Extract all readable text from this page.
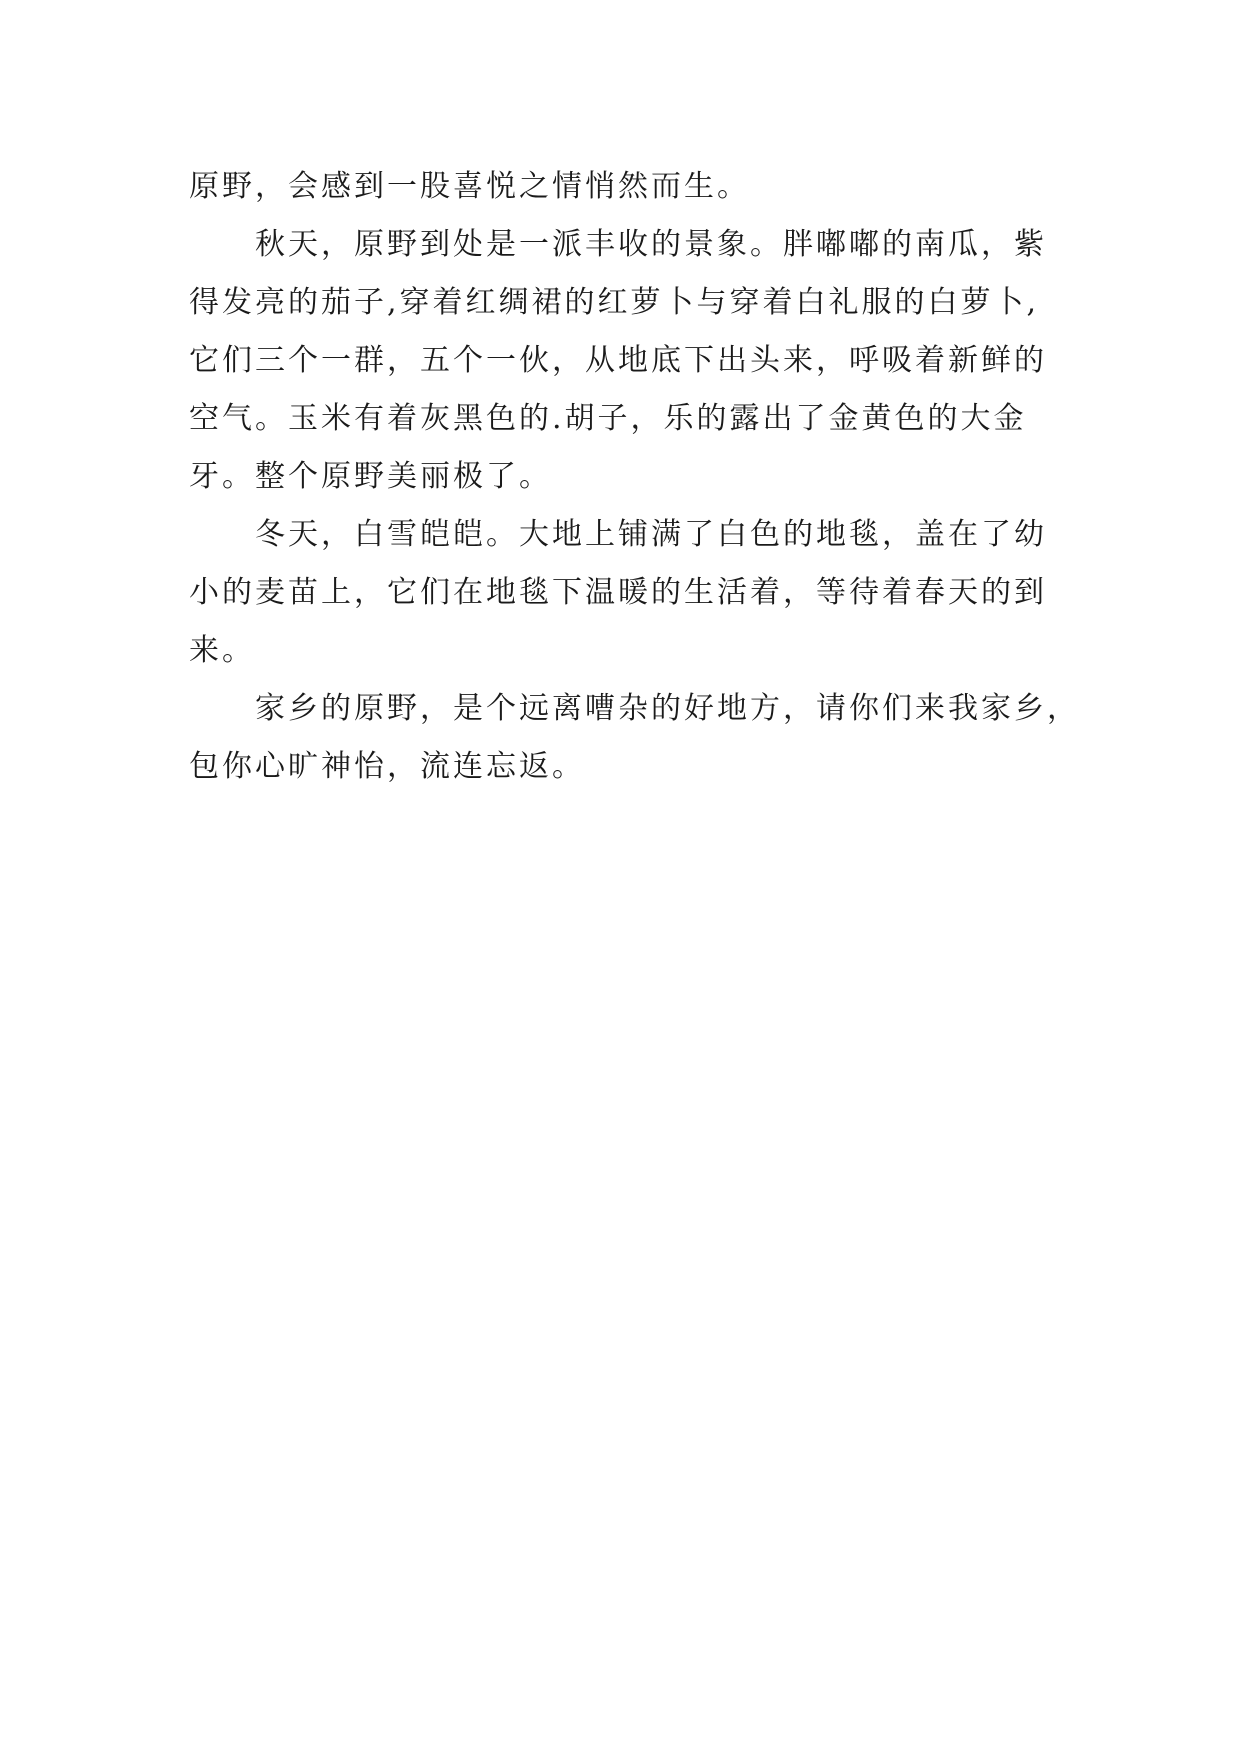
原野，会感到一股喜悦之情悄然而生。
秋天，原野到处是一派丰收的景象。胖嘟嘟的南瓜，紫
得发亮的茄子,穿着红绸裙的红萝卜与穿着白礼服的白萝卜,
它们三个一群，五个一伙，从地底下出头来，呼吸着新鲜的
空气。玉米有着灰黑色的.胡子，乐的露出了金黄色的大金
牙。整个原野美丽极了。
冬天，白雪皑皑。大地上铺满了白色的地毯，盖在了幼
小的麦苗上，它们在地毯下温暖的生活着，等待着春天的到
来。
家乡的原野，是个远离嘈杂的好地方，请你们来我家乡，
包你心旷神怡，流连忘返。
